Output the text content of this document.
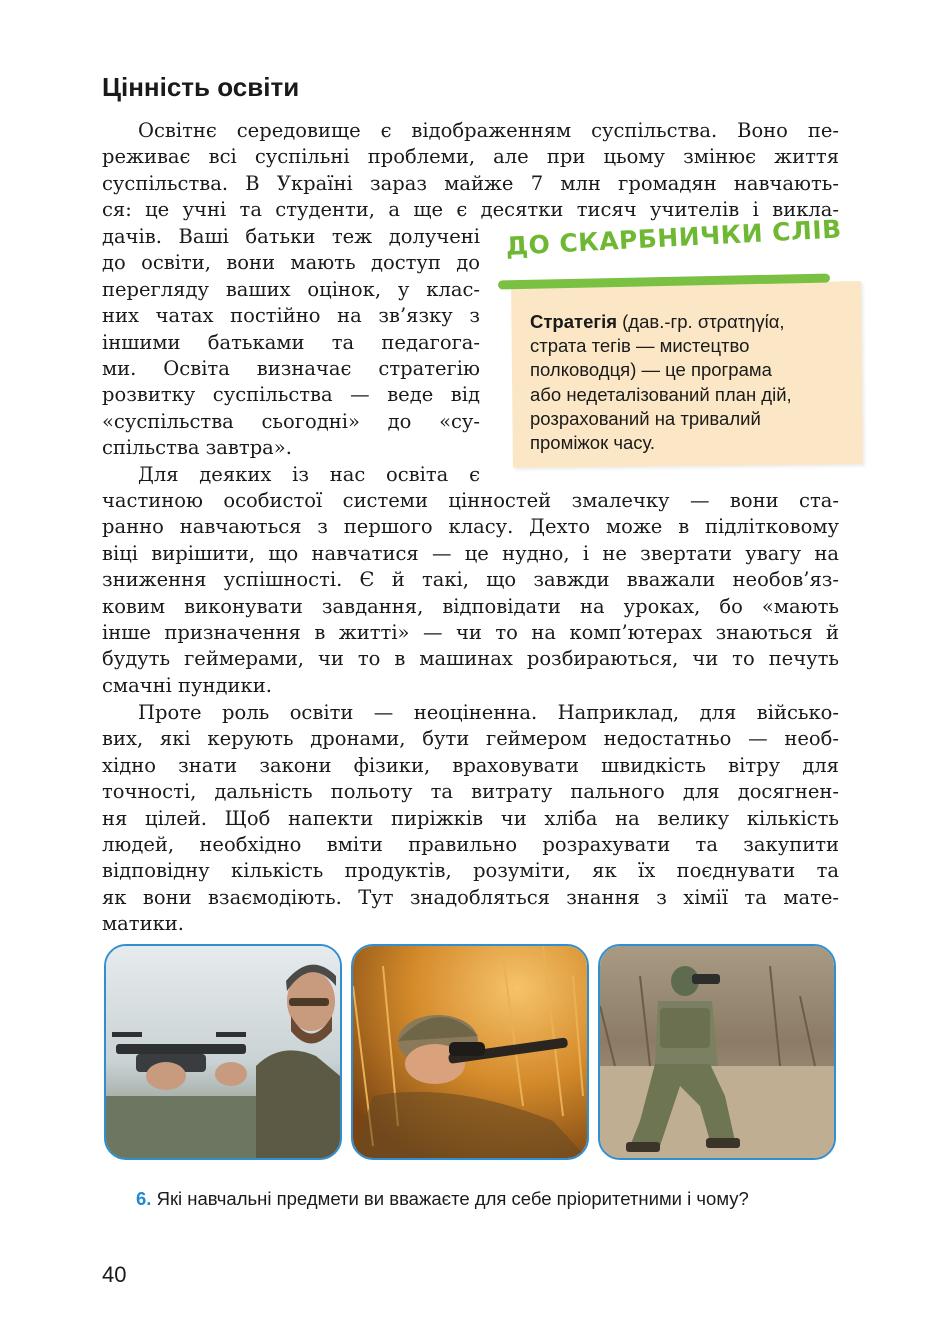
Цінність освіти
Освітнє середовище є відображенням суспільства. Воно пе-
реживає всі суспільні проблеми, але при цьому змінює життя
суспільства. В Україні зараз майже 7 млн громадян навчають-
ся: це учні та студенти, а ще є десятки тисяч учителів і викла-
дачів. Ваші батьки теж долучені
до освіти, вони мають доступ до
перегляду ваших оцінок, у клас-
них чатах постійно на зв’язку з
іншими батьками та педагога-
ми. Освіта визначає стратегію
розвитку суспільства — веде від
«суспільства сьогодні» до «су-
спільства завтра».
Для деяких із нас освіта є
частиною особистої системи цінностей змалечку — вони ста-
ранно навчаються з першого класу. Дехто може в підлітковому
віці вирішити, що навчатися — це нудно, і не звертати увагу на
зниження успішності. Є й такі, що завжди вважали необов’яз-
ковим виконувати завдання, відповідати на уроках, бо «мають
інше призначення в житті» — чи то на комп’ютерах знаються й
будуть геймерами, чи то в машинах розбираються, чи то печуть
смачні пундики.
Проте роль освіти — неоціненна. Наприклад, для військо-
вих, які керують дронами, бути геймером недостатньо — необ-
хідно знати закони фізики, враховувати швидкість вітру для
точності, дальність польоту та витрату пального для досягнен-
ня цілей. Щоб напекти пиріжків чи хліба на велику кількість
людей, необхідно вміти правильно розрахувати та закупити
відповідну кількість продуктів, розуміти, як їх поєднувати та
як вони взаємодіють. Тут знадобляться знання з хімії та мате-
матики.
ДО СКАРБНИЧКИ СЛІВ
Стратегія (дав.-гр. στρατηγία,
страта тегів — мистецтво
полководця) — це програма
або недеталізований план дій,
розрахований на тривалий
проміжок часу.
6. Які навчальні предмети ви вважаєте для себе пріоритетними і чому?
40
